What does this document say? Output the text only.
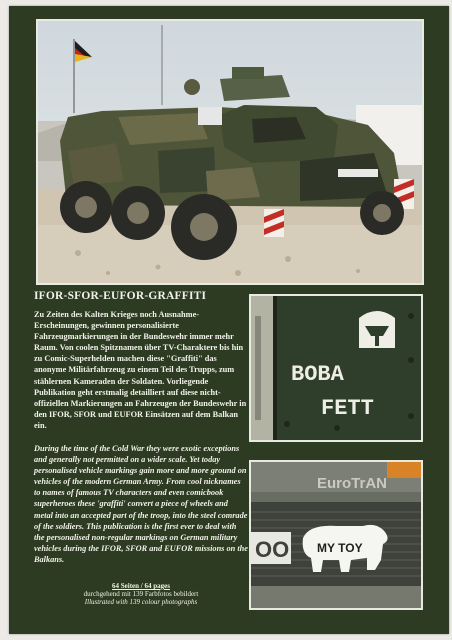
IFOR-SFOR-EUFOR-GRAFFITI
Zu Zeiten des Kalten Krieges noch Ausnahme-Erscheinungen, gewinnen personalisierte Fahrzeugmarkierungen in der Bundeswehr immer mehr Raum. Von coolen Spitznamen über TV-Charaktere bis hin zu Comic-Superhelden machen diese "Graffiti" das anonyme Militärfahrzeug zu einem Teil des Trupps, zum stählernen Kameraden der Soldaten. Vorliegende Publikation geht erstmalig detailliert auf diese nicht-offiziellen Markierungen an Fahrzeugen der Bundeswehr in den IFOR, SFOR und EUFOR Einsätzen auf dem Balkan ein.
During the time of the Cold War they were exotic exceptions and generally not permitted on a wider scale. Yet today personalised vehicle markings gain more and more ground on vehicles of the modern German Army. From cool nicknames to names of famous TV characters and even comicbook superheroes these 'graffiti' convert a piece of wheels and metal into an accepted part of the troop, into the steel comrade of the soldiers. This publication is the first ever to deal with the personalised non-regular markings on German military vehicles during the IFOR, SFOR and EUFOR missions on the Balkans.
64 Seiten / 64 pages
durchgehend mit 139 Farbfotos bebildert
Illustrated with 139 colour photographs
BOBA
FETT
EuroTrAN
OO MY TOY
